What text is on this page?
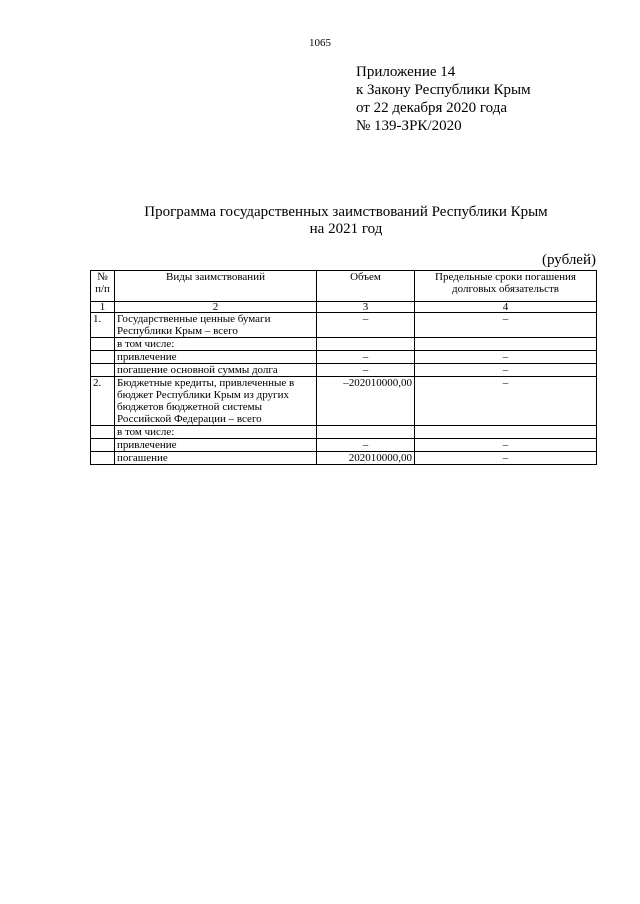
1065
Приложение 14
к Закону Республики Крым
от 22 декабря 2020 года
№ 139-ЗРК/2020
Программа государственных заимствований Республики Крым
на 2021 год
(рублей)
№ п/п	Виды заимствований	Объем	Предельные сроки погашения долговых обязательств
1	2	3	4
1.	Государственные ценные бумаги Республики Крым – всего	–	–
	в том числе:		
	привлечение	–	–
	погашение основной суммы долга	–	–
2.	Бюджетные кредиты, привлеченные в бюджет Республики Крым из других бюджетов бюджетной системы Российской Федерации – всего	–202010000,00	–
	в том числе:		
	привлечение	–	–
	погашение	202010000,00	–
